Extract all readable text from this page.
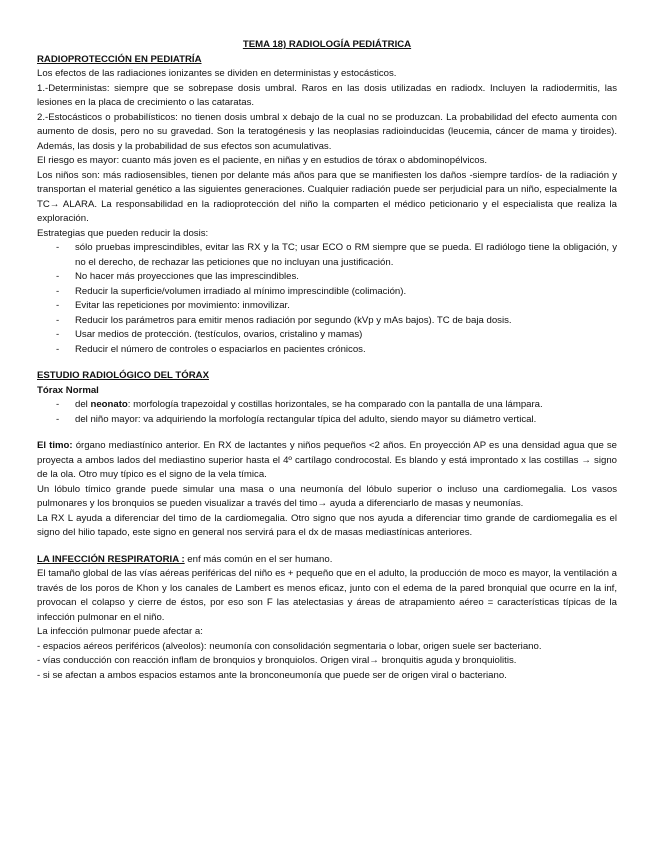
TEMA 18) RADIOLOGÍA PEDIÁTRICA
RADIOPROTECCIÓN EN PEDIATRÍA

Los efectos de las radiaciones ionizantes se dividen en deterministas y estocásticos.

1.-Deterministas: siempre que se sobrepase dosis umbral. Raros en las dosis utilizadas en radiodx. Incluyen la radiodermitis, las lesiones en la placa de crecimiento o las cataratas.

2.-Estocásticos o probabilísticos: no tienen dosis umbral x debajo de la cual no se produzcan. La probabilidad del efecto aumenta con aumento de dosis, pero no su gravedad. Son la teratogénesis y las neoplasias radioinducidas (leucemia, cáncer de mama y tiroides). Además, las dosis y la probabilidad de sus efectos son acumulativas.

El riesgo es mayor: cuanto más joven es el paciente, en niñas y en estudios de tórax o abdominopélvicos.

Los niños son: más radiosensibles, tienen por delante más años para que se manifiesten los daños -siempre tardíos- de la radiación y transportan el material genético a las siguientes generaciones. Cualquier radiación puede ser perjudicial para un niño, especialmente la TC→ ALARA. La responsabilidad en la radioprotección del niño la comparten el médico peticionario y el especialista que realiza la exploración.

Estrategias que pueden reducir la dosis:

- sólo pruebas imprescindibles, evitar las RX y la TC; usar ECO o RM siempre que se pueda. El radiólogo tiene la obligación, y no el derecho, de rechazar las peticiones que no incluyan una justificación.
- No hacer más proyecciones que las imprescindibles.
- Reducir la superficie/volumen irradiado al mínimo imprescindible (colimación).
- Evitar las repeticiones por movimiento: inmovilizar.
- Reducir los parámetros para emitir menos radiación por segundo (kVp y mAs bajos). TC de baja dosis.
- Usar medios de protección. (testículos, ovarios, cristalino y mamas)
- Reducir el número de controles o espaciarlos en pacientes crónicos.
ESTUDIO RADIOLÓGICO DEL TÓRAX
Tórax Normal
- del neonato: morfología trapezoidal y costillas horizontales, se ha comparado con la pantalla de una lámpara.
- del niño mayor: va adquiriendo la morfología rectangular típica del adulto, siendo mayor su diámetro vertical.

El timo: órgano mediastínico anterior. En RX de lactantes y niños pequeños <2 años. En proyección AP es una densidad agua que se proyecta a ambos lados del mediastino superior hasta el 4º cartílago condrocostal. Es blando y está impronta​do x las costillas → signo de la ola. Otro muy típico es el signo de la vela tímica.

Un lóbulo tímico grande puede simular una masa o una neumonía del lóbulo superior o incluso una cardiomegalia. Los vasos pulmonares y los bronquios se pueden visualizar a través del timo→ ayuda a diferenciarlo de masas y neumonías.

La RX L ayuda a diferenciar del timo de la cardiomegalia. Otro signo que nos ayuda a diferenciar timo grande de cardiomegalia es el signo del hilio tapado, este signo en general nos servirá para el dx de masas mediastínicas anteriores.

LA INFECCIÓN RESPIRATORIA : enf más común en el ser humano.

El tamaño global de las vías aéreas periféricas del niño es + pequeño que en el adulto, la producción de moco es mayor, la ventilación a través de los poros de Khon y los canales de Lambert es menos eficaz, junto con el edema de la pared bronquial que ocurre en la inf, provocan el colapso y cierre de éstos, por eso son F las atelectasias y áreas de atrapamiento aéreo = características típicas de la infección pulmonar en el niño.

La infección pulmonar puede afectar a:

- espacios aéreos periféricos (alveolos): neumonía con consolidación segmentaria o lobar, origen suele ser bacteriano.

- vías conducción con reacción inflam de bronquios y bronquiolos. Origen viral→ bronquitis aguda y bronquiolitis.

- si se afectan a ambos espacios estamos ante la bronconeumonía que puede ser de origen viral o bacteriano.
